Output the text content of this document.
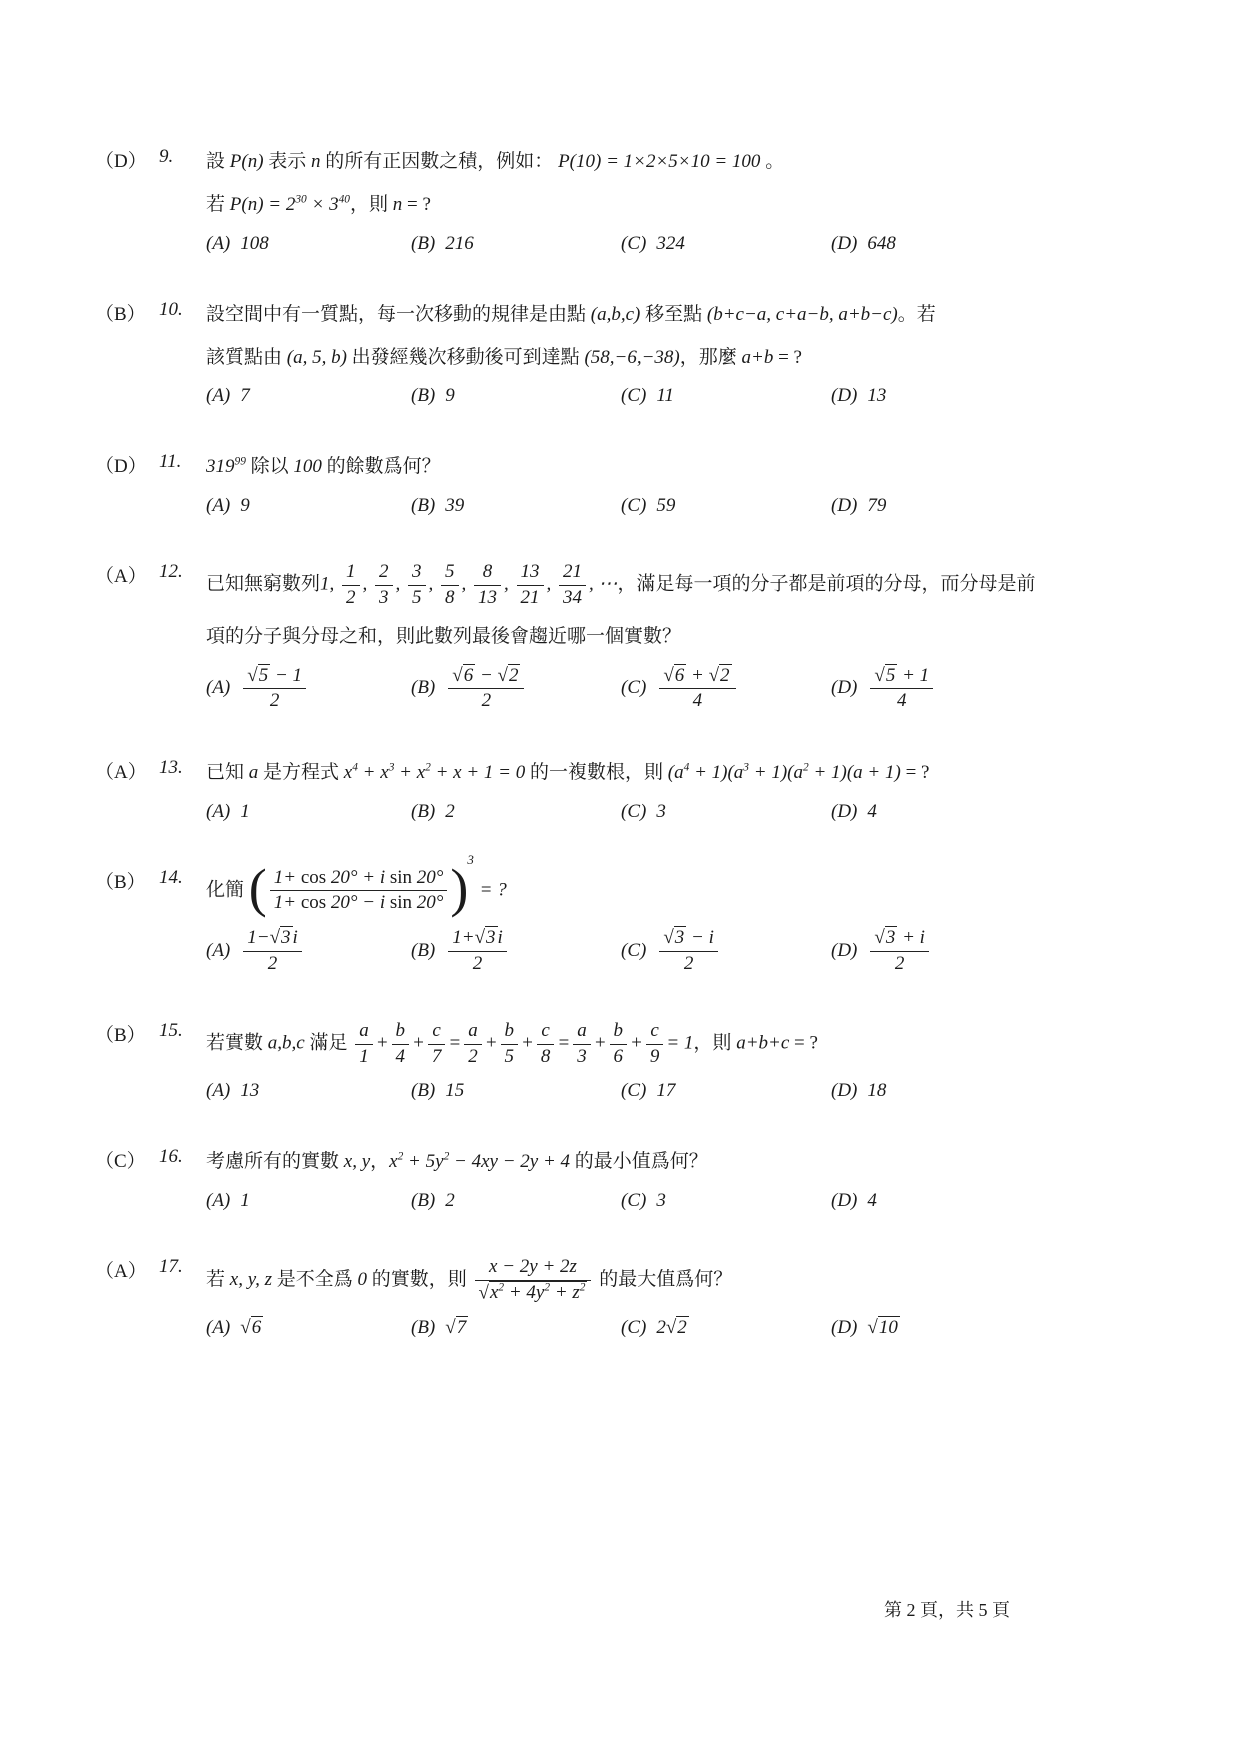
（D） 9.	設 P(n) 表示 n 的所有正因數之積，例如： P(10) = 1×2×5×10 = 100 。
若 $P(n) = 2^{30} \times 3^{40}$，則 n = ?
(A) 108	(B) 216	(C) 324	(D) 648
（B） 10.	設空間中有一質點，每一次移動的規律是由點 (a,b,c) 移至點 (b+c−a, c+a−b, a+b−c)。若
該質點由 (a, 5, b) 出發經幾次移動後可到達點 (58,−6,−38)，那麼 a+b = ?
(A) 7	(B) 9	(C) 11	(D) 13
（D） 11.	$319^{99}$ 除以 100 的餘數爲何？
(A) 9	(B) 39	(C) 59	(D) 79
（A） 12.
已知無窮數列1, $\frac{1}{2}$ , $\frac{2}{3}$ , $\frac{3}{5}$ , $\frac{5}{8}$ , $\frac{8}{13}$ , $\frac{13}{21}$ , $\frac{21}{34}$ , ⋯，滿足每一項的分子都是前項的分母，而分母是前
項的分子與分母之和，則此數列最後會趨近哪一個實數？
$(A) \frac{√5 - 1}{2}$	$(B) \frac{√6 - √2}{2}$	$(C) \frac{√6 + √2}{4}$	$(D) \frac{√5 + 1}{4}$
（A） 13.	已知 a 是方程式 $x^4 + x^3 + x^2 + x + 1 = 0$ 的一複數根，則 $(a^4 + 1)(a^3 + 1)(a^2 + 1)(a + 1)$ = ?
(A) 1	(B) 2	(C) 3	(D) 4
（B） 14.
化簡 ( $\frac{\text{1+ cos 20° + i sin 20°}}{\text{1+ cos 20° − i sin 20°}} )^3$ = ?
$(A) \frac{1-√3 i}{2}$	$(B) \frac{1+√3 i}{2}$	$(C) \frac{√3 - i}{2}$	$(D) \frac{√3 + i}{2}$
（B） 15.
若實數 a,b,c 滿足 $\frac{a}{1} + \frac{b}{4} + \frac{c}{7} = \frac{a}{2} + \frac{b}{5} + \frac{c}{8} = \frac{a}{3} + \frac{b}{6} + \frac{c}{9} = 1$，則 a+b+c = ?
(A) 13	(B) 15	(C) 17	(D) 18
（C） 16.	考慮所有的實數 x, y，$x^2 + 5y^2 - 4xy - 2y + 4$ 的最小值爲何？
(A) 1	(B) 2	(C) 3	(D) 4
（A） 17.
若 x, y, z 是不全爲 0 的實數，則 $\frac{x - 2y + 2z}{√x^2 + 4y^2 + z^2}$ 的最大值爲何？
(A) √6	(B) √7	(C) 2√2	(D) √10
第 2 頁，共 5 頁
